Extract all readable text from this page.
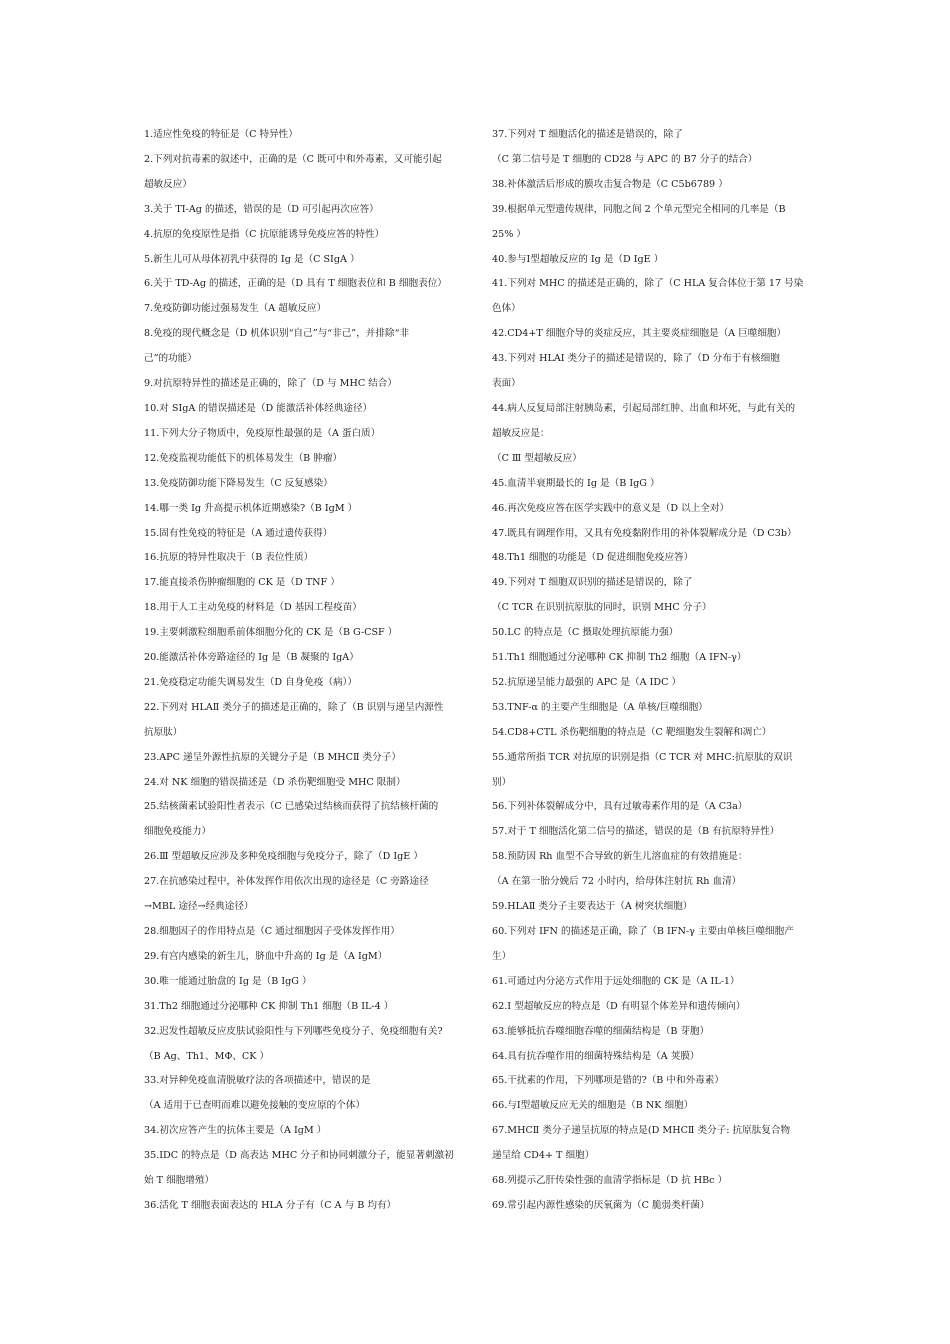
1.适应性免疫的特征是（C 特异性）
2.下列对抗毒素的叙述中，正确的是（C 既可中和外毒素，又可能引起
超敏反应）
3.关于 TI-Ag 的描述，错误的是（D 可引起再次应答）
4.抗原的免疫原性是指（C 抗原能诱导免疫应答的特性）
5.新生儿可从母体初乳中获得的 Ig 是（C SIgA ）
6.关于 TD-Ag 的描述，正确的是（D 具有 T 细胞表位和 B 细胞表位）
7.免疫防御功能过强易发生（A 超敏反应）
8.免疫的现代概念是（D 机体识别“自己”与“非己”，并排除“非
己”的功能）
9.对抗原特异性的描述是正确的，除了（D 与 MHC 结合）
10.对 SIgA 的错误描述是（D 能激活补体经典途径）
11.下列大分子物质中，免疫原性最强的是（A 蛋白质）
12.免疫监视功能低下的机体易发生（B 肿瘤）
13.免疫防御功能下降易发生（C 反复感染）
14.哪一类 Ig 升高提示机体近期感染?（B IgM ）
15.固有性免疫的特征是（A 通过遗传获得）
16.抗原的特异性取决于（B 表位性质）
17.能直接杀伤肿瘤细胞的 CK 是（D TNF ）
18.用于人工主动免疫的材料是（D 基因工程疫苗）
19.主要刺激粒细胞系前体细胞分化的 CK 是（B G-CSF ）
20.能激活补体旁路途径的 Ig 是（B 凝聚的 IgA）
21.免疫稳定功能失调易发生（D 自身免疫（病））
22.下列对 HLAⅡ 类分子的描述是正确的，除了（B 识别与递呈内源性
抗原肽）
23.APC 递呈外源性抗原的关键分子是（B MHCⅡ 类分子）
24.对 NK 细胞的错误描述是（D 杀伤靶细胞受 MHC 限制）
25.结核菌素试验阳性者表示（C 已感染过结核而获得了抗结核杆菌的
细胞免疫能力）
26.Ⅲ 型超敏反应涉及多种免疫细胞与免疫分子，除了（D IgE ）
27.在抗感染过程中，补体发挥作用依次出现的途径是（C 旁路途径
→MBL 途径→经典途径）
28.细胞因子的作用特点是（C 通过细胞因子受体发挥作用）
29.有宫内感染的新生儿，脐血中升高的 Ig 是（A IgM）
30.唯一能通过胎盘的 Ig 是（B IgG ）
31.Th2 细胞通过分泌哪种 CK 抑制 Th1 细胞（B IL-4 ）
32.迟发性超敏反应皮肤试验阳性与下列哪些免疫分子、免疫细胞有关?
（B Ag、Th1、MΦ、CK ）
33.对异种免疫血清脱敏疗法的各项描述中，错误的是
（A 适用于已查明而难以避免接触的变应原的个体）
34.初次应答产生的抗体主要是（A IgM ）
35.IDC 的特点是（D 高表达 MHC 分子和协同刺激分子，能显著刺激初
始 T 细胞增殖）
36.活化 T 细胞表面表达的 HLA 分子有（C A 与 B 均有）
37.下列对 T 细胞活化的描述是错误的，除了
（C 第二信号是 T 细胞的 CD28 与 APC 的 B7 分子的结合）
38.补体激活后形成的膜攻击复合物是（C C5b6789 ）
39.根据单元型遗传规律，同胞之间 2 个单元型完全相同的几率是（B
25% ）
40.参与Ⅰ型超敏反应的 Ig 是（D IgE ）
41.下列对 MHC 的描述是正确的，除了（C HLA 复合体位于第 17 号染
色体）
42.CD4+T 细胞介导的炎症反应，其主要炎症细胞是（A 巨噬细胞）
43.下列对 HLAⅠ 类分子的描述是错误的，除了（D 分布于有核细胞
表面）
44.病人反复局部注射胰岛素，引起局部红肿、出血和坏死，与此有关的
超敏反应是：
（C Ⅲ 型超敏反应）
45.血清半衰期最长的 Ig 是（B IgG ）
46.再次免疫应答在医学实践中的意义是（D 以上全对）
47.既具有调理作用，又具有免疫黏附作用的补体裂解成分是（D C3b）
48.Th1 细胞的功能是（D 促进细胞免疫应答）
49.下列对 T 细胞双识别的描述是错误的，除了
（C TCR 在识别抗原肽的同时，识别 MHC 分子）
50.LC 的特点是（C 摄取处理抗原能力强）
51.Th1 细胞通过分泌哪种 CK 抑制 Th2 细胞（A IFN-γ）
52.抗原递呈能力最强的 APC 是（A IDC ）
53.TNF-α 的主要产生细胞是（A 单核/巨噬细胞）
54.CD8+CTL 杀伤靶细胞的特点是（C 靶细胞发生裂解和凋亡）
55.通常所指 TCR 对抗原的识别是指（C TCR 对 MHC:抗原肽的双识
别）
56.下列补体裂解成分中，具有过敏毒素作用的是（A C3a）
57.对于 T 细胞活化第二信号的描述，错误的是（B 有抗原特异性）
58.预防因 Rh 血型不合导致的新生儿溶血症的有效措施是：
（A 在第一胎分娩后 72 小时内，给母体注射抗 Rh 血清）
59.HLAⅡ 类分子主要表达于（A 树突状细胞）
60.下列对 IFN 的描述是正确，除了（B IFN-γ 主要由单核巨噬细胞产
生）
61.可通过内分泌方式作用于远处细胞的 CK 是（A IL-1）
62.Ⅰ 型超敏反应的特点是（D 有明显个体差异和遗传倾向）
63.能够抵抗吞噬细胞吞噬的细菌结构是（B 芽胞）
64.具有抗吞噬作用的细菌特殊结构是（A 荚膜）
65.干扰素的作用，下列哪项是错的?（B 中和外毒素）
66.与Ⅰ型超敏反应无关的细胞是（B NK 细胞）
67.MHCⅡ 类分子递呈抗原的特点是(D MHCⅡ 类分子: 抗原肽复合物
递呈给 CD4+ T 细胞）
68.列提示乙肝传染性强的血清学指标是（D 抗 HBc ）
69.常引起内源性感染的厌氧菌为（C 脆弱类杆菌）
